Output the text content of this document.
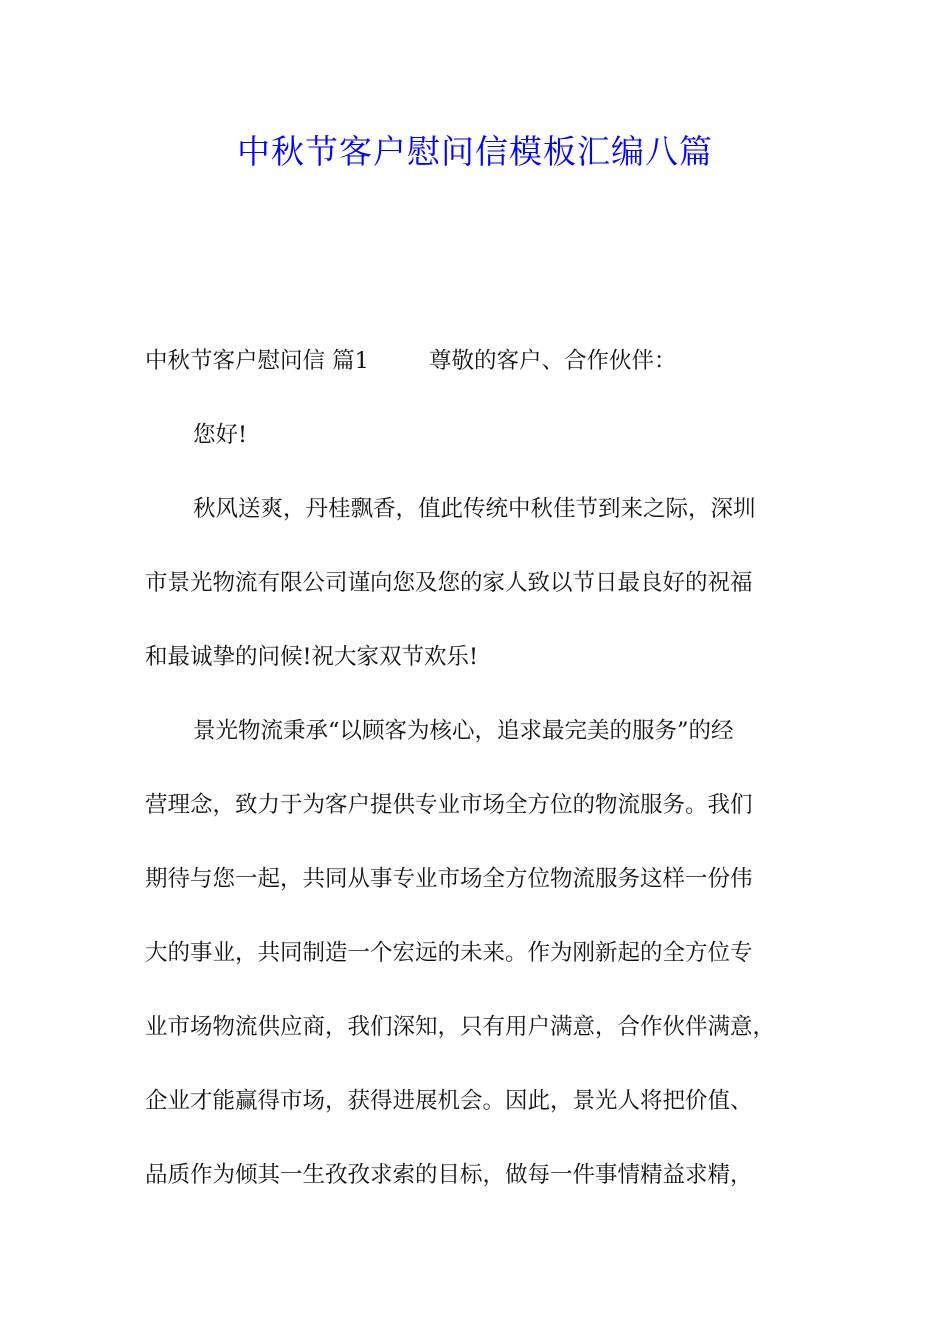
中秋节客户慰问信模板汇编八篇
中秋节客户慰问信 篇1	尊敬的客户、合作伙伴：
您好!
秋风送爽，丹桂飘香，值此传统中秋佳节到来之际，深圳
市景光物流有限公司谨向您及您的家人致以节日最良好的祝福
和最诚挚的问候!祝大家双节欢乐!
景光物流秉承“以顾客为核心，追求最完美的服务”的经
营理念，致力于为客户提供专业市场全方位的物流服务。我们
期待与您一起，共同从事专业市场全方位物流服务这样一份伟
大的事业，共同制造一个宏远的未来。作为刚新起的全方位专
业市场物流供应商，我们深知，只有用户满意，合作伙伴满意，
企业才能赢得市场，获得进展机会。因此，景光人将把价值、
品质作为倾其一生孜孜求索的目标，做每一件事情精益求精，
